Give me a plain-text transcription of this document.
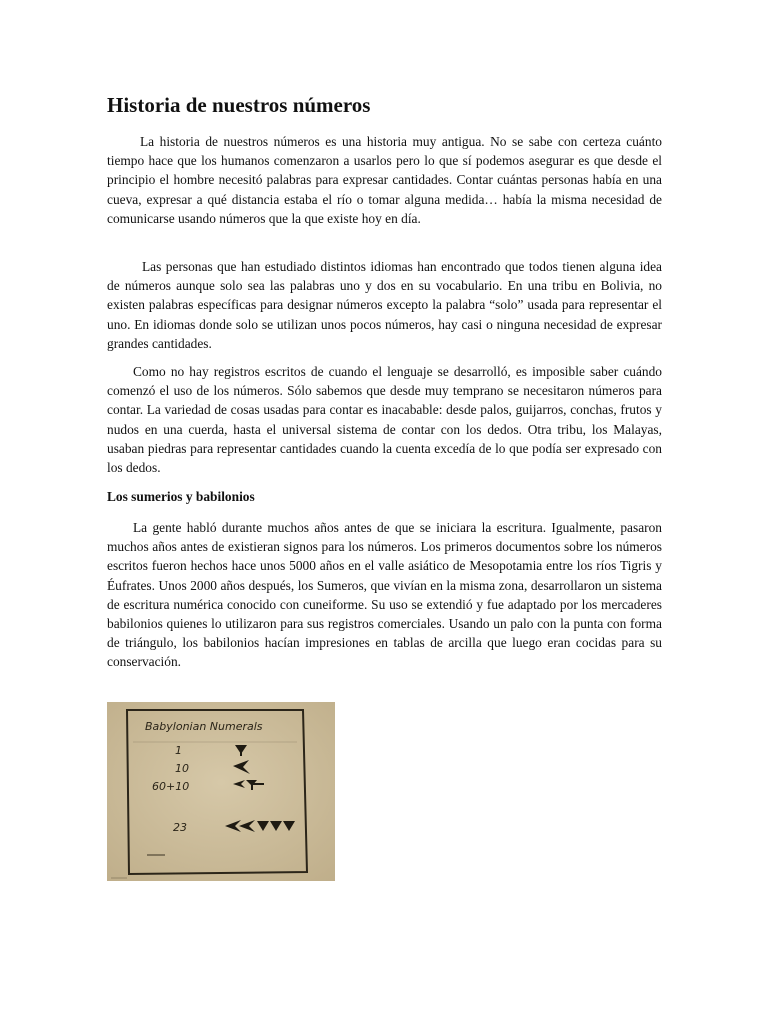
Historia de nuestros números

La historia de nuestros números es una historia muy antigua. No se sabe con certeza cuánto tiempo hace que los humanos comenzaron a usarlos pero lo que sí podemos asegurar es que desde el principio el hombre necesitó palabras para expresar cantidades. Contar cuántas personas había en una cueva, expresar a qué distancia estaba el río o tomar alguna medida… había la misma necesidad de comunicarse usando números que la que existe hoy en día.

Las personas que han estudiado distintos idiomas han encontrado que todos tienen alguna idea de números aunque solo sea las palabras uno y dos en su vocabulario. En una tribu en Bolivia, no existen palabras específicas para designar números excepto la palabra “solo” usada para representar el uno. En idiomas donde solo se utilizan unos pocos números, hay casi o ninguna necesidad de expresar grandes cantidades.

Como no hay registros escritos de cuando el lenguaje se desarrolló, es imposible saber cuándo comenzó el uso de los números. Sólo sabemos que desde muy temprano se necesitaron números para contar. La variedad de cosas usadas para contar es inacabable: desde palos, guijarros, conchas, frutos y nudos en una cuerda, hasta el universal sistema de contar con los dedos. Otra tribu, los Malayas, usaban piedras para representar cantidades cuando la cuenta excedía de lo que podía ser expresado con los dedos.

Los sumerios y babilonios

La gente habló durante muchos años antes de que se iniciara la escritura. Igualmente, pasaron muchos años antes de existieran signos para los números. Los primeros documentos sobre los números escritos fueron hechos hace unos 5000 años en el valle asiático de Mesopotamia entre los ríos Tigris y Éufrates. Unos 2000 años después, los Sumeros, que vivían en la misma zona, desarrollaron un sistema de escritura numérica conocido con cuneiforme. Su uso se extendió y fue adaptado por los mercaderes babilonios quienes lo utilizaron para sus registros comerciales. Usando un palo con la punta con forma de triángulo, los babilonios hacían impresiones en tablas de arcilla que luego eran cocidas para su conservación.

Babylonian Numerals
1
10
60+10
23
